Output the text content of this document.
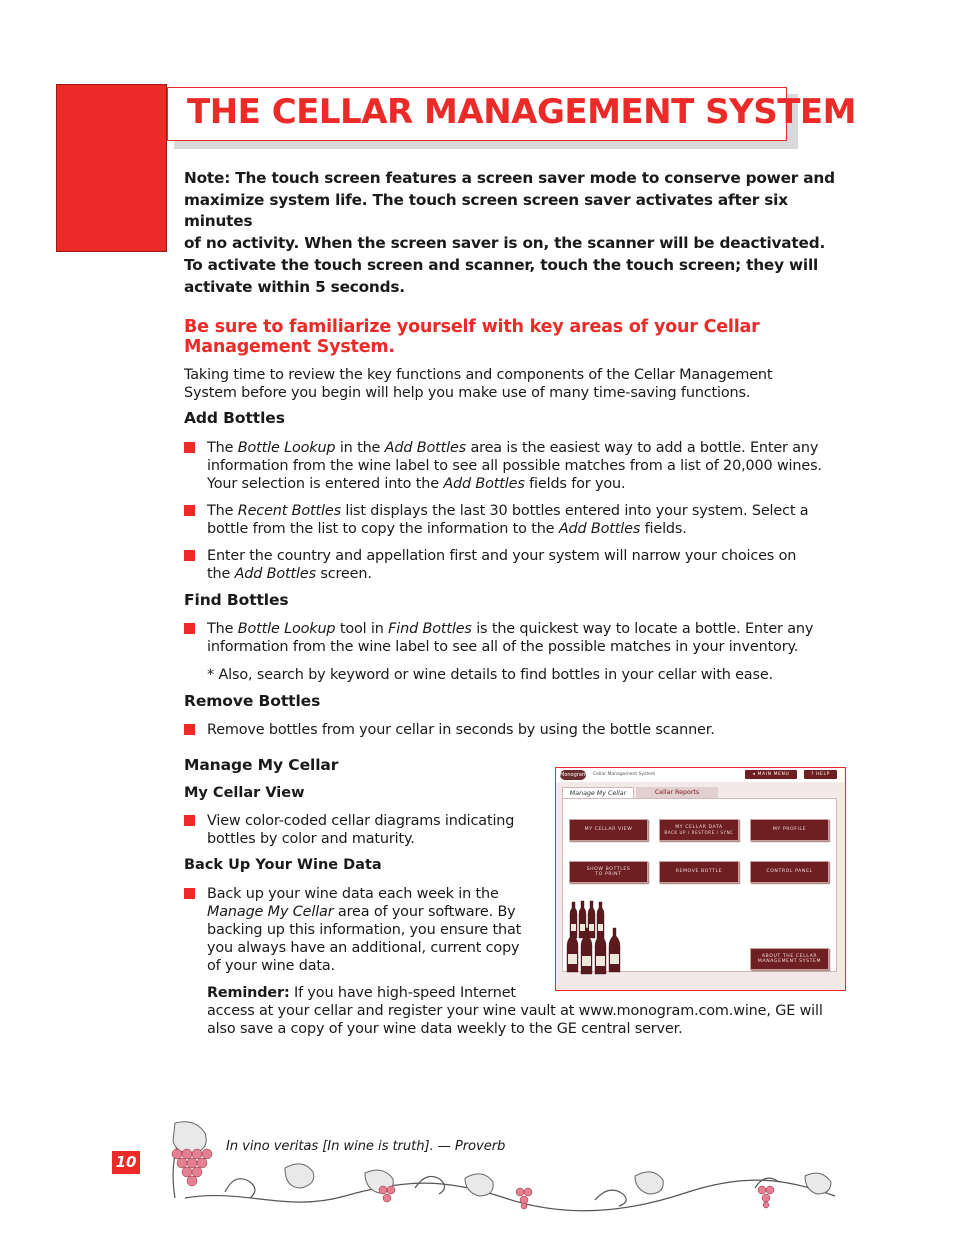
THE CELLAR MANAGEMENT SYSTEM
Note: The touch screen features a screen saver mode to conserve power and
maximize system life. The touch screen screen saver activates after six minutes
of no activity. When the screen saver is on, the scanner will be deactivated.
To activate the touch screen and scanner, touch the touch screen; they will
activate within 5 seconds.
Be sure to familiarize yourself with key areas of your Cellar
Management System.
Taking time to review the key functions and components of the Cellar Management
System before you begin will help you make use of many time-saving functions.
Add Bottles
The Bottle Lookup in the Add Bottles area is the easiest way to add a bottle. Enter any
information from the wine label to see all possible matches from a list of 20,000 wines.
Your selection is entered into the Add Bottles fields for you.
The Recent Bottles list displays the last 30 bottles entered into your system. Select a
bottle from the list to copy the information to the Add Bottles fields.
Enter the country and appellation first and your system will narrow your choices on
the Add Bottles screen.
Find Bottles
The Bottle Lookup tool in Find Bottles is the quickest way to locate a bottle. Enter any
information from the wine label to see all of the possible matches in your inventory.
* Also, search by keyword or wine details to find bottles in your cellar with ease.
Remove Bottles
Remove bottles from your cellar in seconds by using the bottle scanner.
Manage My Cellar
My Cellar View
View color-coded cellar diagrams indicating
bottles by color and maturity.
Back Up Your Wine Data
Back up your wine data each week in the
Manage My Cellar area of your software. By
backing up this information, you ensure that
you always have an additional, current copy
of your wine data.
Reminder: If you have high-speed Internet
access at your cellar and register your wine vault at www.monogram.com.wine, GE will
also save a copy of your wine data weekly to the GE central server.
Monogram Cellar Management System	◂ MAIN MENU	? HELP
Manage My Cellar	Cellar Reports
MY CELLAR VIEW
MY CELLAR DATA
BACK UP / RESTORE / SYNC
MY PROFILE
SHOW BOTTLES
TO PRINT
REMOVE BOTTLE	CONTROL PANEL
ABOUT THE CELLAR
MANAGEMENT SYSTEM
10
In vino veritas [In wine is truth]. — Proverb
